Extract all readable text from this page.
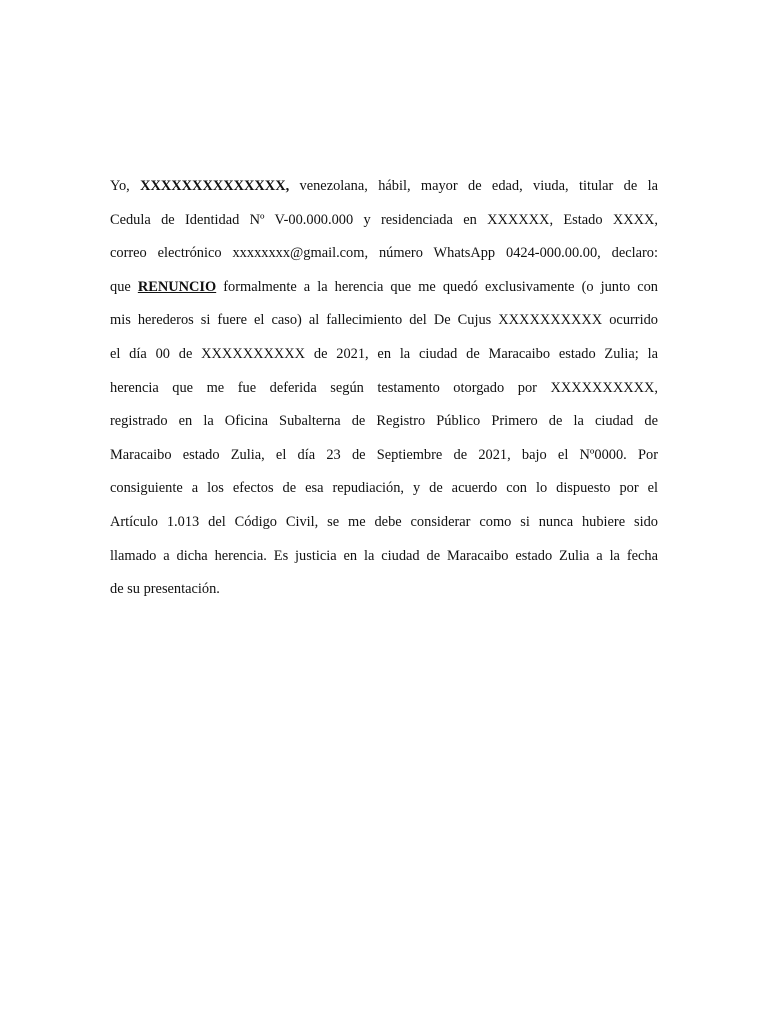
Yo, XXXXXXXXXXXXXX, venezolana, hábil, mayor de edad, viuda, titular de la
Cedula de Identidad Nº V-00.000.000 y residenciada en XXXXXX, Estado XXXX,
correo electrónico xxxxxxxx@gmail.com, número WhatsApp 0424-000.00.00, declaro:
que RENUNCIO formalmente a la herencia que me quedó exclusivamente (o junto con
mis herederos si fuere el caso) al fallecimiento del De Cujus XXXXXXXXXX ocurrido
el día 00 de XXXXXXXXXX de 2021, en la ciudad de Maracaibo estado Zulia; la
herencia que me fue deferida según testamento otorgado por XXXXXXXXXX,
registrado en la Oficina Subalterna de Registro Público Primero de la ciudad de
Maracaibo estado Zulia, el día 23 de Septiembre de 2021, bajo el Nº0000. Por
consiguiente a los efectos de esa repudiación, y de acuerdo con lo dispuesto por el
Artículo 1.013 del Código Civil, se me debe considerar como si nunca hubiere sido
llamado a dicha herencia. Es justicia en la ciudad de Maracaibo estado Zulia a la fecha
de su presentación.
